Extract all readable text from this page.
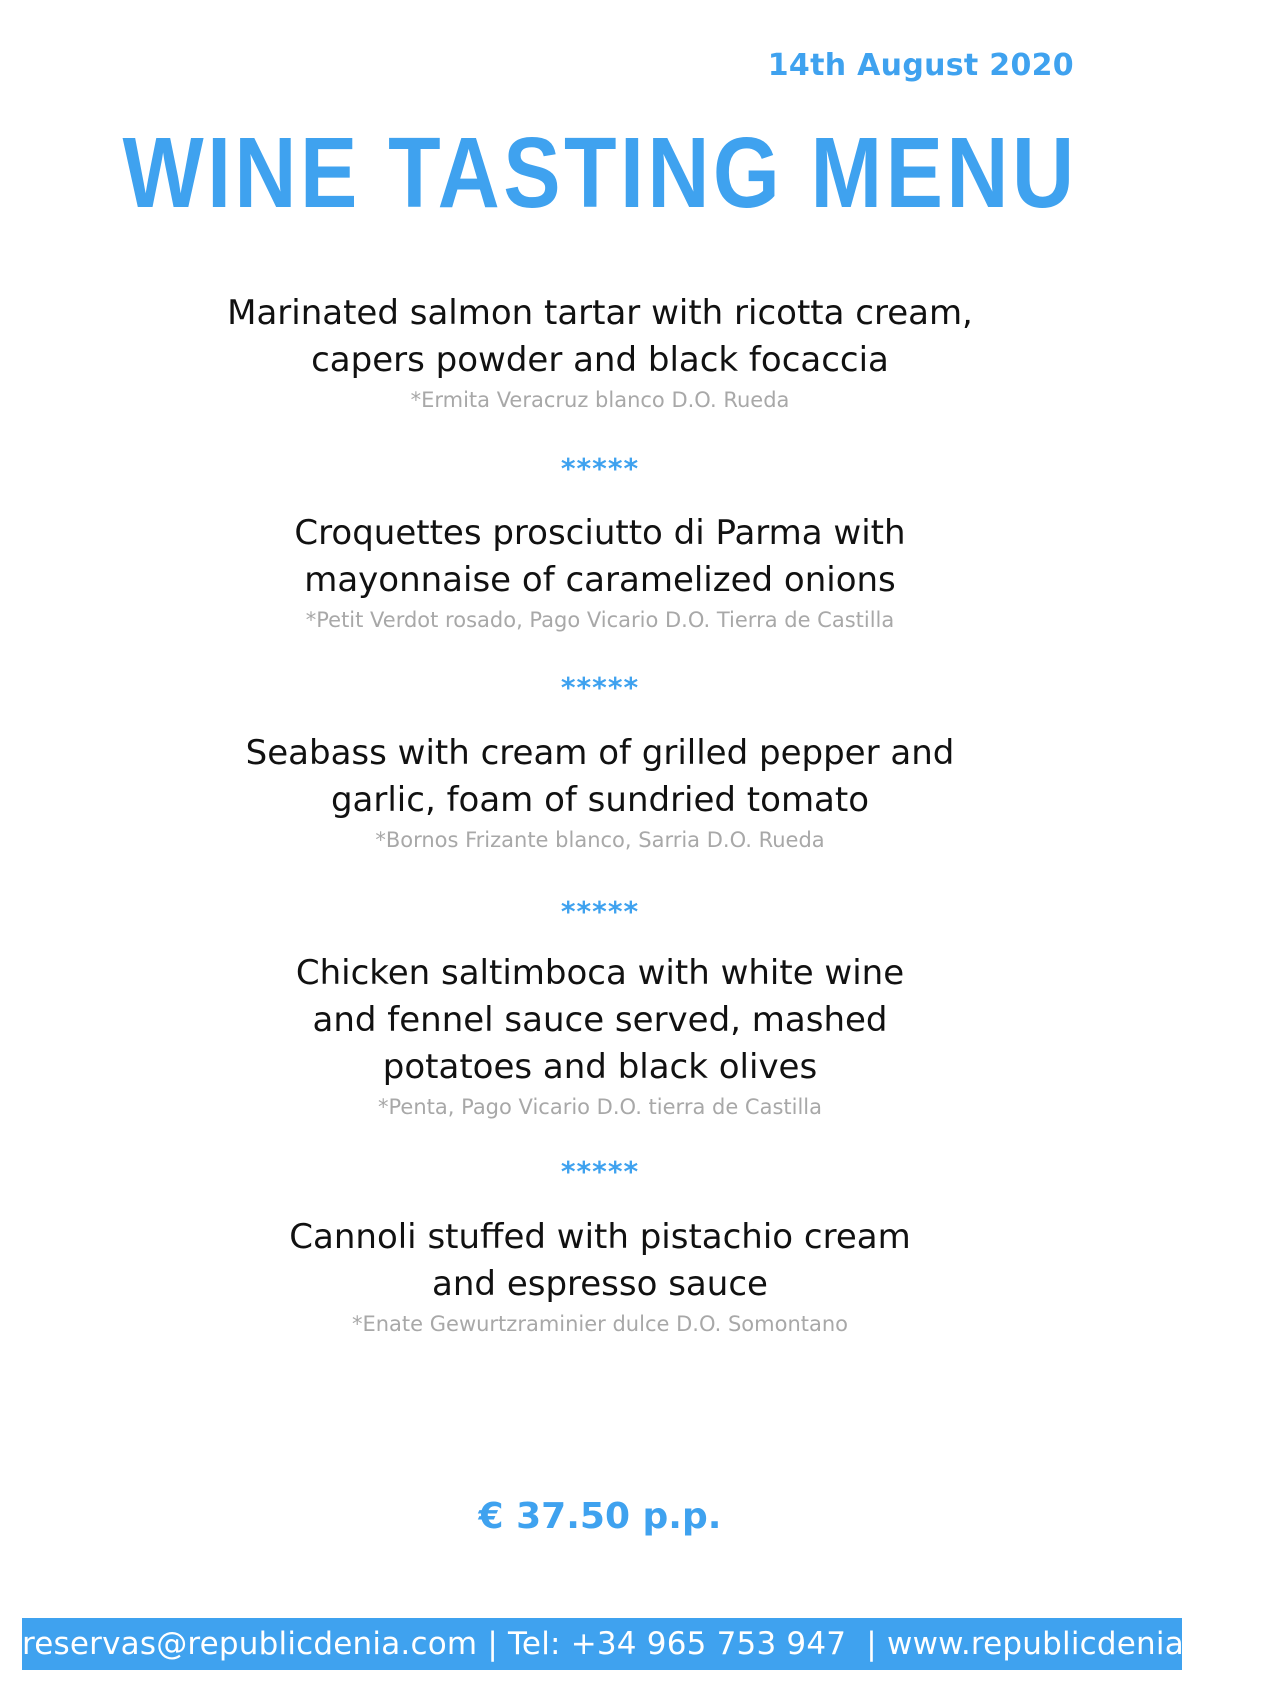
14th August 2020
WINE TASTING MENU

Marinated salmon tartar with ricotta cream,

capers powder and black focaccia

*Ermita Veracruz blanco D.O. Rueda
*****

Croquettes prosciutto di Parma with

mayonnaise of caramelized onions

*Petit Verdot rosado, Pago Vicario D.O. Tierra de Castilla
*****

Seabass with cream of grilled pepper and

garlic, foam of sundried tomato

*Bornos Frizante blanco, Sarria D.O. Rueda
*****

Chicken saltimboca with white wine

and fennel sauce served, mashed

potatoes and black olives

*Penta, Pago Vicario D.O. tierra de Castilla
*****

Cannoli stuffed with pistachio cream

and espresso sauce

*Enate Gewurtzraminier dulce D.O. Somontano
€ 37.50 p.p.
reservas@republicdenia.com | Tel: +34 965 753 947  | www.republicdenia.com
